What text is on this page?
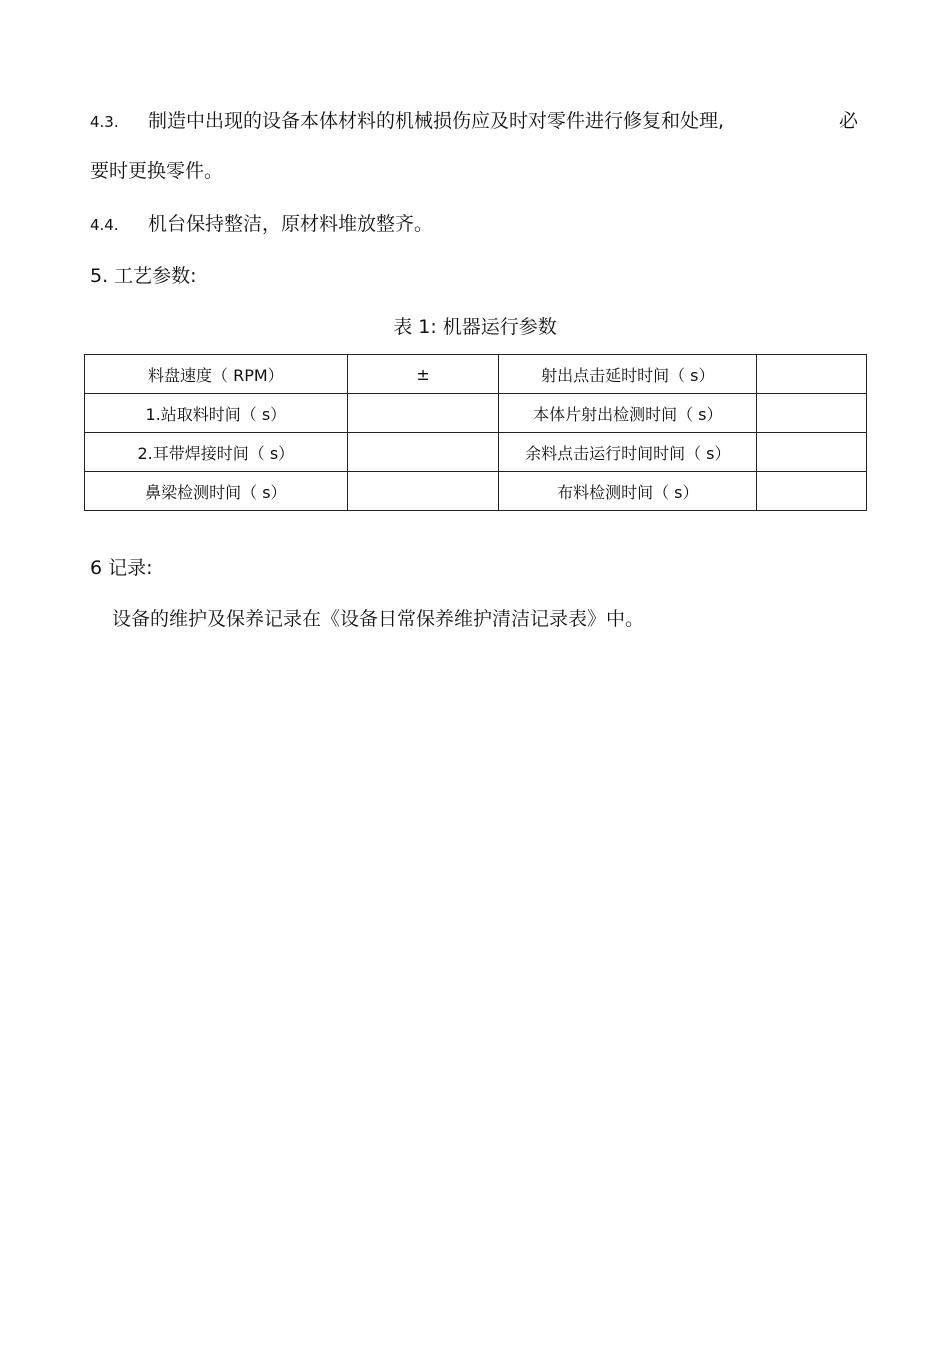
4.3. 制造中出现的设备本体材料的机械损伤应及时对零件进行修复和处理,	必
要时更换零件。
4.4. 机台保持整洁，原材料堆放整齐。
5. 工艺参数:
表 1: 机器运行参数
料盘速度（ RPM）	±	射出点击延时时间（ s）	
1.站取料时间（ s）		本体片射出检测时间（ s）	
2.耳带焊接时间（ s）		余料点击运行时间时间（ s）	
鼻梁检测时间（ s）		布料检测时间（ s）	
6 记录:
设备的维护及保养记录在《设备日常保养维护清洁记录表》中。
